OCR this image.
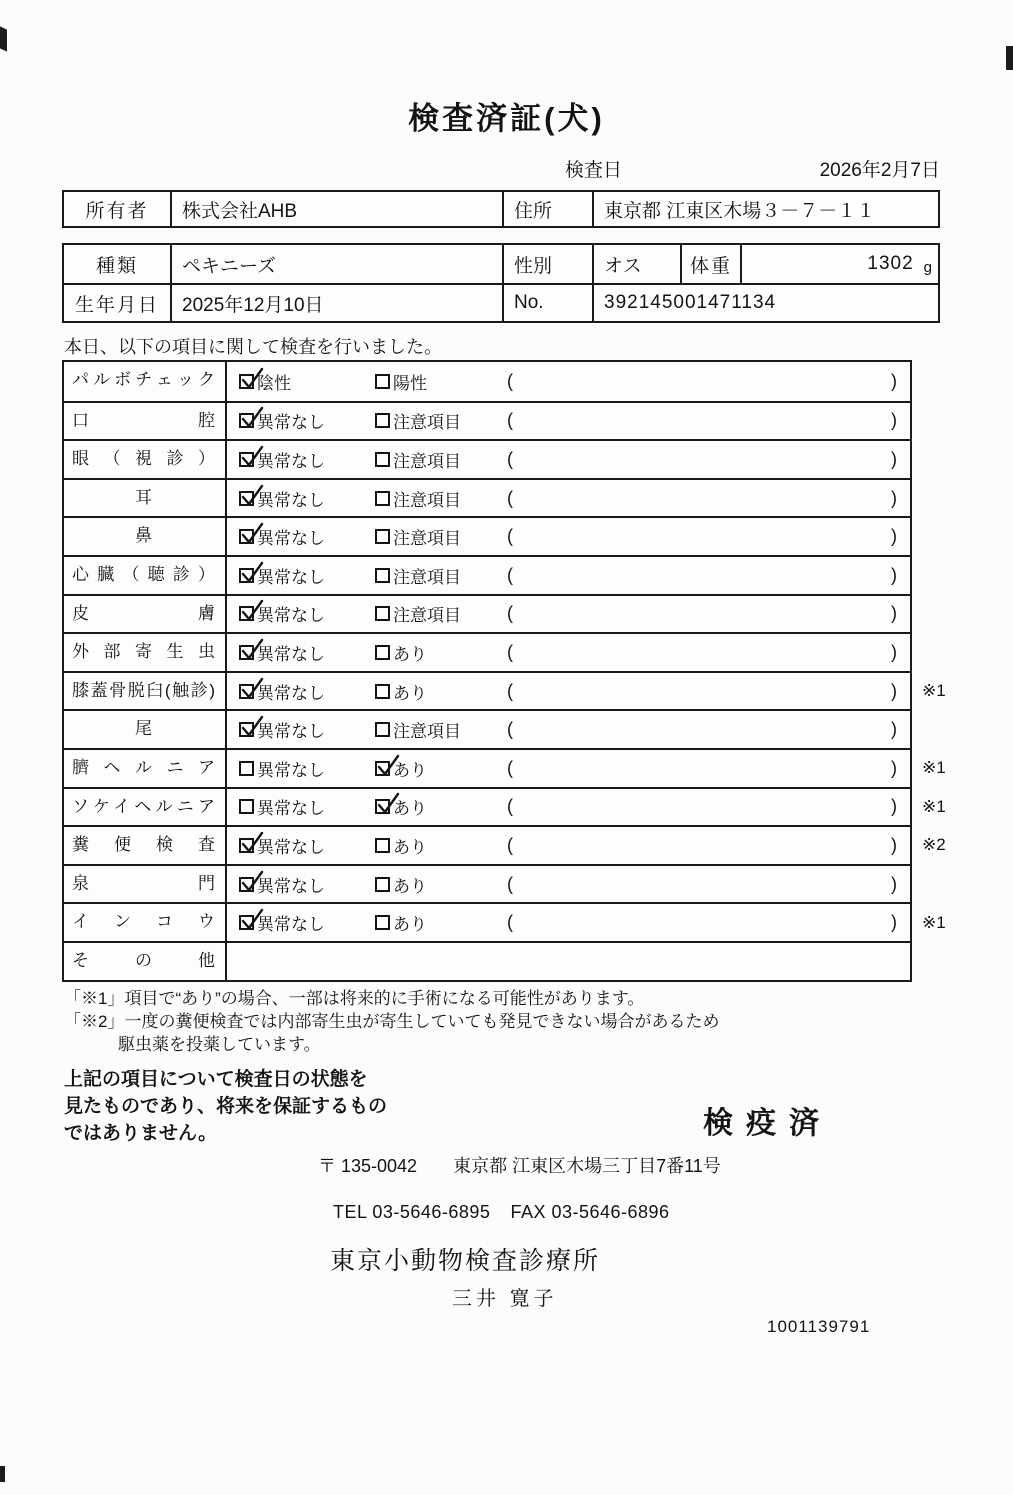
検査済証(犬)
検査日	2026年2月7日
所有者	株式会社AHB	住所	東京都 江東区木場３－７－１１
種類	ペキニーズ	性別	オス	体重	1302 g
生年月日	2025年12月10日	No.	392145001471134
本日、以下の項目に関して検査を行いました。
パルボチェック	陰性	陽性	(	)
口腔	異常なし	注意項目	(	)
眼（視診）	異常なし	注意項目	(	)
耳	異常なし	注意項目	(	)
鼻	異常なし	注意項目	(	)
心臓（聴診）	異常なし	注意項目	(	)
皮膚	異常なし	注意項目	(	)
外部寄生虫	異常なし	あり	(	)
膝蓋骨脱臼(触診)	異常なし	あり	(	) ※1
尾	異常なし	注意項目	(	)
臍ヘルニア	異常なし	あり	(	) ※1
ソケイヘルニア	異常なし	あり	(	) ※1
糞便検査	異常なし	あり	(	) ※2
泉門	異常なし	あり	(	)
インコウ	異常なし	あり	(	) ※1
その他
「※1」項目で“あり”の場合、一部は将来的に手術になる可能性があります。
「※2」一度の糞便検査では内部寄生虫が寄生していても発見できない場合があるため
駆虫薬を投薬しています。
上記の項目について検査日の状態を
見たものであり、将来を保証するもの
ではありません。	検疫済
〒 135-0042 東京都 江東区木場三丁目7番11号
TEL 03-5646-6895 FAX 03-5646-6896
東京小動物検査診療所
三井 寛子
1001139791
